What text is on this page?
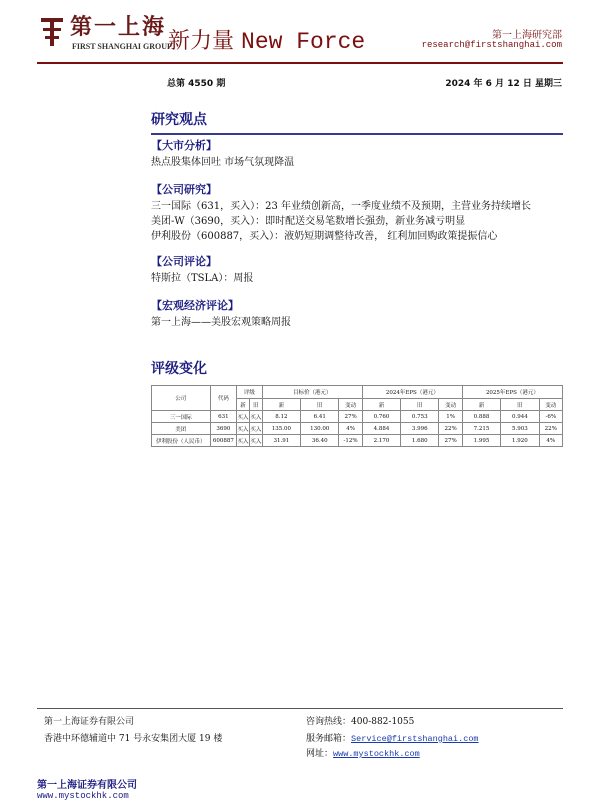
第一上海
FIRST SHANGHAI GROUP
新力量 New Force	第一上海研究部
research@firstshanghai.com
总第 4550 期	2024 年 6 月 12 日 星期三
研究观点
【大市分析】
热点股集体回吐 市场气氛现降温
【公司研究】
三一国际（631，买入）：23 年业绩创新高，一季度业绩不及预期，主营业务持续增长
美团-W（3690，买入）：即时配送交易笔数增长强劲，新业务减亏明显
伊利股份（600887，买入）：液奶短期调整待改善， 红利加回购政策提振信心
【公司评论】
特斯拉（TSLA）：周报
【宏观经济评论】
第一上海——美股宏观策略周报
评级变化
公司	代码	评级		目标价（港元）			2024年EPS（港元）			2025年EPS（港元）		
		新	旧	新	旧	变动	新	旧	变动	新	旧	变动
三一国际	631	买入	买入	8.12	6.41	27%	0.760	0.753	1%	0.888	0.944	-6%
美团	3690	买入	买入	135.00	130.00	4%	4.884	3.996	22%	7.215	5.903	22%
伊利股份（人民币）	600887	买入	买入	31.91	36.40	-12%	2.170	1.680	27%	1.995	1.920	4%
第一上海证券有限公司
香港中环德辅道中 71 号永安集团大厦 19 楼
咨询热线：400-882-1055
服务邮箱：Service@firstshanghai.com
网址：www.mystockhk.com
第一上海证券有限公司
www.mystockhk.com
